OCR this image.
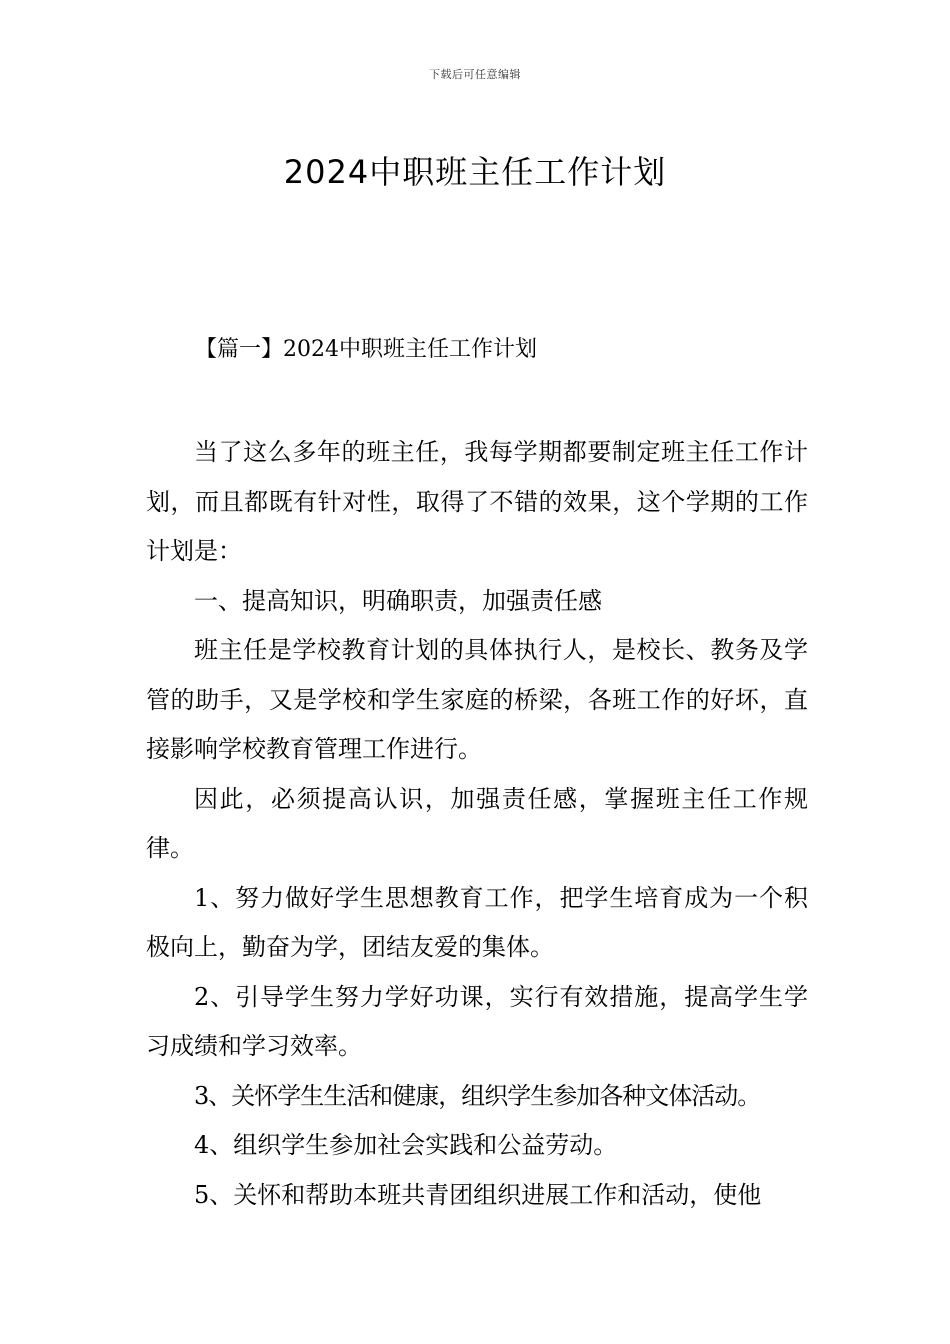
下载后可任意编辑
2024中职班主任工作计划
【篇一】2024中职班主任工作计划

当了这么多年的班主任，我每学期都要制定班主任工作计划，而且都既有针对性，取得了不错的效果，这个学期的工作计划是：

一、提高知识，明确职责，加强责任感

班主任是学校教育计划的具体执行人，是校长、教务及学管的助手，又是学校和学生家庭的桥梁，各班工作的好坏，直接影响学校教育管理工作进行。

因此，必须提高认识，加强责任感，掌握班主任工作规律。

1、努力做好学生思想教育工作，把学生培育成为一个积极向上，勤奋为学，团结友爱的集体。

2、引导学生努力学好功课，实行有效措施，提高学生学习成绩和学习效率。

3、关怀学生生活和健康，组织学生参加各种文体活动。

4、组织学生参加社会实践和公益劳动。

5、关怀和帮助本班共青团组织进展工作和活动，使他
